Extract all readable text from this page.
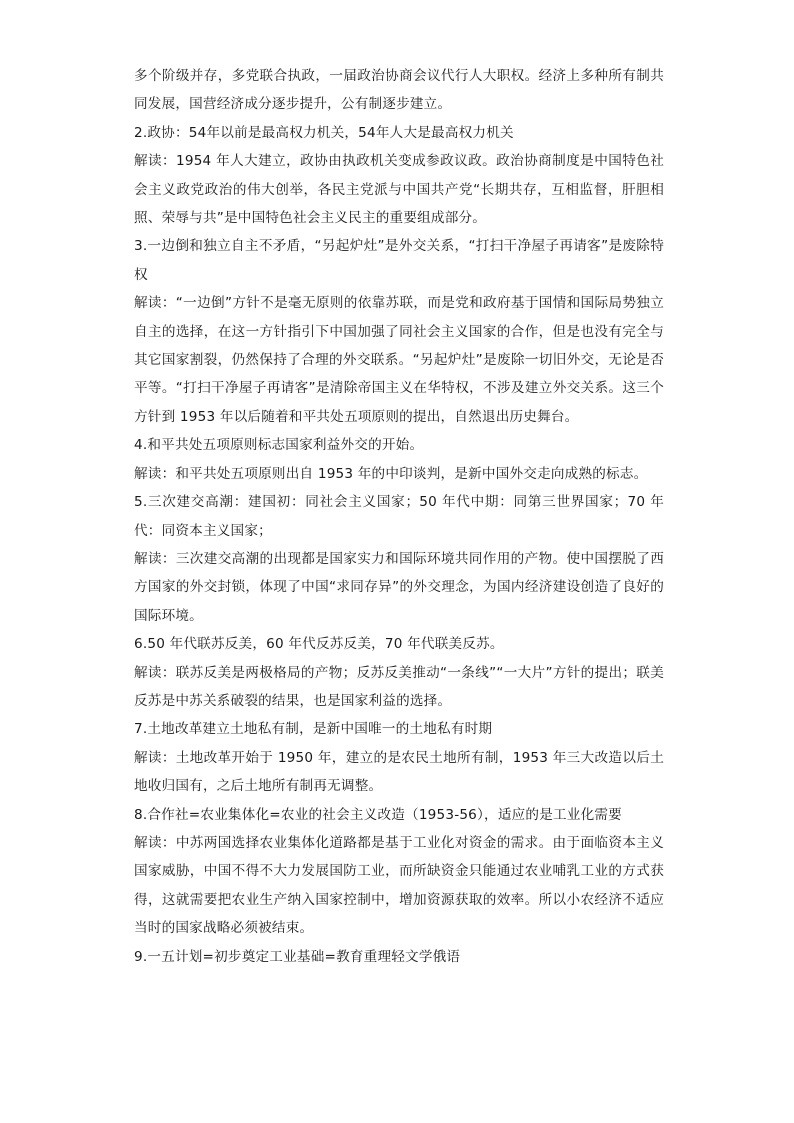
多个阶级并存，多党联合执政，一届政治协商会议代行人大职权。经济上多种所有制共同发展，国营经济成分逐步提升，公有制逐步建立。

2.政协：54年以前是最高权力机关，54年人大是最高权力机关

解读：1954 年人大建立，政协由执政机关变成参政议政。政治协商制度是中国特色社会主义政党政治的伟大创举，各民主党派与中国共产党“长期共存，互相监督，肝胆相照、荣辱与共”是中国特色社会主义民主的重要组成部分。

3.一边倒和独立自主不矛盾，“另起炉灶”是外交关系，“打扫干净屋子再请客”是废除特权

解读：“一边倒”方针不是毫无原则的依靠苏联，而是党和政府基于国情和国际局势独立自主的选择，在这一方针指引下中国加强了同社会主义国家的合作，但是也没有完全与其它国家割裂，仍然保持了合理的外交联系。“另起炉灶”是废除一切旧外交，无论是否平等。“打扫干净屋子再请客”是清除帝国主义在华特权，不涉及建立外交关系。这三个方针到 1953 年以后随着和平共处五项原则的提出，自然退出历史舞台。

4.和平共处五项原则标志国家利益外交的开始。

解读：和平共处五项原则出自 1953 年的中印谈判，是新中国外交走向成熟的标志。

5.三次建交高潮：建国初：同社会主义国家；50 年代中期：同第三世界国家；70 年代：同资本主义国家；

解读：三次建交高潮的出现都是国家实力和国际环境共同作用的产物。使中国摆脱了西方国家的外交封锁，体现了中国“求同存异”的外交理念，为国内经济建设创造了良好的国际环境。

6.50 年代联苏反美，60 年代反苏反美，70 年代联美反苏。

解读：联苏反美是两极格局的产物；反苏反美推动“一条线”“一大片”方针的提出；联美反苏是中苏关系破裂的结果，也是国家利益的选择。

7.土地改革建立土地私有制，是新中国唯一的土地私有时期

解读：土地改革开始于 1950 年，建立的是农民土地所有制，1953 年三大改造以后土地收归国有，之后土地所有制再无调整。

8.合作社=农业集体化=农业的社会主义改造（1953-56），适应的是工业化需要

解读：中苏两国选择农业集体化道路都是基于工业化对资金的需求。由于面临资本主义国家威胁，中国不得不大力发展国防工业，而所缺资金只能通过农业哺乳工业的方式获得，这就需要把农业生产纳入国家控制中，增加资源获取的效率。所以小农经济不适应当时的国家战略必须被结束。

9.一五计划=初步奠定工业基础=教育重理轻文学俄语
